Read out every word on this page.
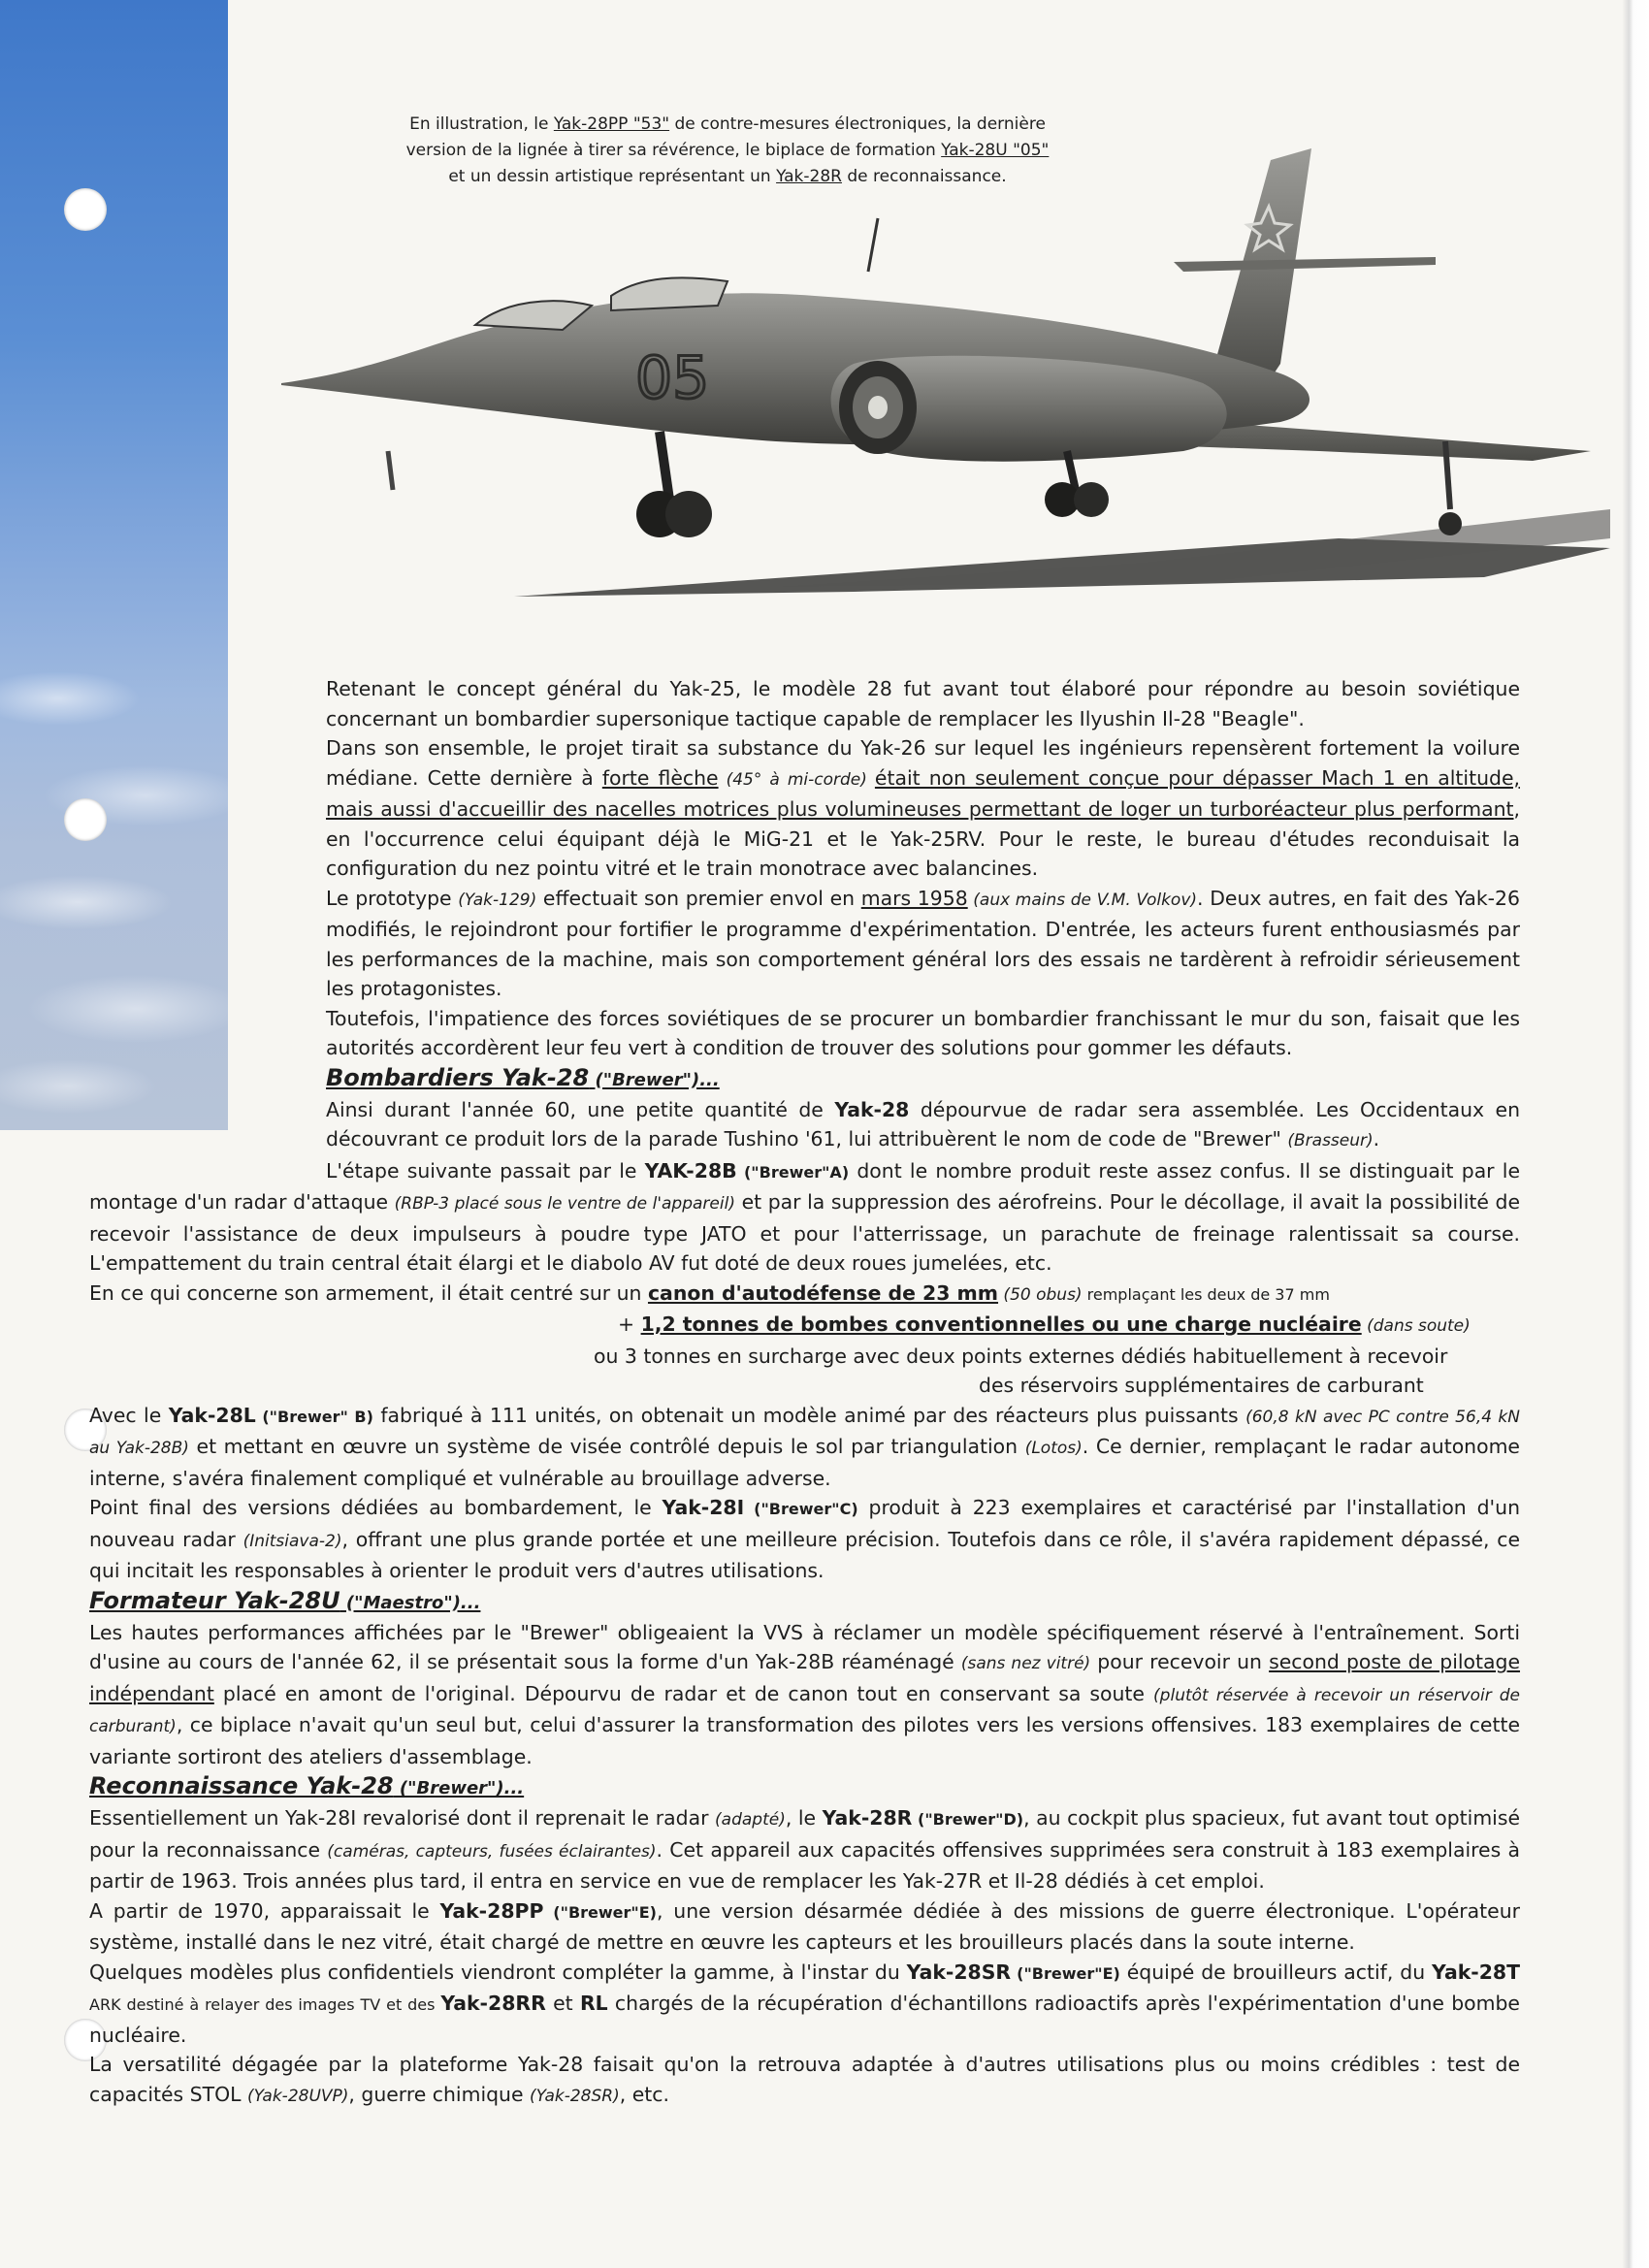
En illustration, le Yak-28PP "53" de contre-mesures électroniques, la dernière
version de la lignée à tirer sa révérence, le biplace de formation Yak-28U "05"
et un dessin artistique représentant un Yak-28R de reconnaissance.
05

Retenant le concept général du Yak-25, le modèle 28 fut avant tout élaboré pour répondre au besoin soviétique concernant un bombardier supersonique tactique capable de remplacer les Ilyushin Il-28 "Beagle".

Dans son ensemble, le projet tirait sa substance du Yak-26 sur lequel les ingénieurs repensèrent fortement la voilure médiane. Cette dernière à forte flèche (45° à mi-corde) était non seulement conçue pour dépasser Mach 1 en altitude, mais aussi d'accueillir des nacelles motrices plus volumineuses permettant de loger un turboréacteur plus performant, en l'occurrence celui équipant déjà le MiG-21 et le Yak-25RV. Pour le reste, le bureau d'études reconduisait la configuration du nez pointu vitré et le train monotrace avec balancines.

Le prototype (Yak-129) effectuait son premier envol en mars 1958 (aux mains de V.M. Volkov). Deux autres, en fait des Yak-26 modifiés, le rejoindront pour fortifier le programme d'expérimentation. D'entrée, les acteurs furent enthousiasmés par les performances de la machine, mais son comportement général lors des essais ne tardèrent à refroidir sérieusement les protagonistes.

Toutefois, l'impatience des forces soviétiques de se procurer un bombardier franchissant le mur du son, faisait que les autorités accordèrent leur feu vert à condition de trouver des solutions pour gommer les défauts.

Bombardiers Yak-28 ("Brewer")...

Ainsi durant l'année 60, une petite quantité de Yak-28 dépourvue de radar sera assemblée. Les Occidentaux en découvrant ce produit lors de la parade Tushino '61, lui attribuèrent le nom de code de "Brewer" (Brasseur).

L'étape suivante passait par le YAK-28B ("Brewer"A) dont le nombre produit reste assez confus. Il se distinguait par le montage d'un radar d'attaque (RBP-3 placé sous le ventre de l'appareil) et par la suppression des aérofreins. Pour le décollage, il avait la possibilité de recevoir l'assistance de deux impulseurs à poudre type JATO et pour l'atterrissage, un parachute de freinage ralentissait sa course. L'empattement du train central était élargi et le diabolo AV fut doté de deux roues jumelées, etc.

En ce qui concerne son armement, il était centré sur un canon d'autodéfense de 23 mm (50 obus) remplaçant les deux de 37 mm

+ 1,2 tonnes de bombes conventionnelles ou une charge nucléaire (dans soute)

ou 3 tonnes en surcharge avec deux points externes dédiés habituellement à recevoir

des réservoirs supplémentaires de carburant

Avec le Yak-28L ("Brewer" B) fabriqué à 111 unités, on obtenait un modèle animé par des réacteurs plus puissants (60,8 kN avec PC contre 56,4 kN au Yak-28B) et mettant en œuvre un système de visée contrôlé depuis le sol par triangulation (Lotos). Ce dernier, remplaçant le radar autonome interne, s'avéra finalement compliqué et vulnérable au brouillage adverse.

Point final des versions dédiées au bombardement, le Yak-28I ("Brewer"C) produit à 223 exemplaires et caractérisé par l'installation d'un nouveau radar (Initsiava-2), offrant une plus grande portée et une meilleure précision. Toutefois dans ce rôle, il s'avéra rapidement dépassé, ce qui incitait les responsables à orienter le produit vers d'autres utilisations.

Formateur Yak-28U ("Maestro")...

Les hautes performances affichées par le "Brewer" obligeaient la VVS à réclamer un modèle spécifiquement réservé à l'entraînement. Sorti d'usine au cours de l'année 62, il se présentait sous la forme d'un Yak-28B réaménagé (sans nez vitré) pour recevoir un second poste de pilotage indépendant placé en amont de l'original. Dépourvu de radar et de canon tout en conservant sa soute (plutôt réservée à recevoir un réservoir de carburant), ce biplace n'avait qu'un seul but, celui d'assurer la transformation des pilotes vers les versions offensives. 183 exemplaires de cette variante sortiront des ateliers d'assemblage.

Reconnaissance Yak-28 ("Brewer")...

Essentiellement un Yak-28I revalorisé dont il reprenait le radar (adapté), le Yak-28R ("Brewer"D), au cockpit plus spacieux, fut avant tout optimisé pour la reconnaissance (caméras, capteurs, fusées éclairantes). Cet appareil aux capacités offensives supprimées sera construit à 183 exemplaires à partir de 1963. Trois années plus tard, il entra en service en vue de remplacer les Yak-27R et Il-28 dédiés à cet emploi.

A partir de 1970, apparaissait le Yak-28PP ("Brewer"E), une version désarmée dédiée à des missions de guerre électronique. L'opérateur système, installé dans le nez vitré, était chargé de mettre en œuvre les capteurs et les brouilleurs placés dans la soute interne.

Quelques modèles plus confidentiels viendront compléter la gamme, à l'instar du Yak-28SR ("Brewer"E) équipé de brouilleurs actif, du Yak-28T ARK destiné à relayer des images TV et des Yak-28RR et RL chargés de la récupération d'échantillons radioactifs après l'expérimentation d'une bombe nucléaire.

La versatilité dégagée par la plateforme Yak-28 faisait qu'on la retrouva adaptée à d'autres utilisations plus ou moins crédibles : test de capacités STOL (Yak-28UVP), guerre chimique (Yak-28SR), etc.
